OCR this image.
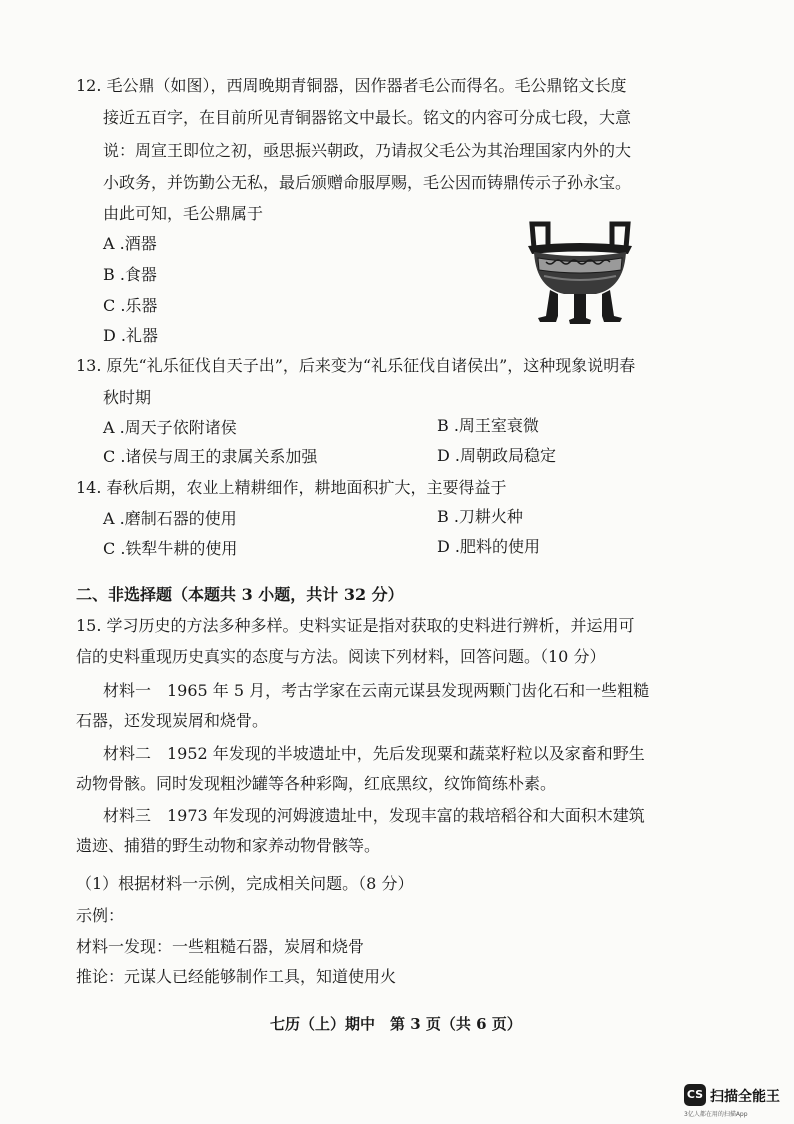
12. 毛公鼎（如图），西周晚期青铜器，因作器者毛公而得名。毛公鼎铭文长度
接近五百字，在目前所见青铜器铭文中最长。铭文的内容可分成七段，大意
说：周宣王即位之初，亟思振兴朝政，乃请叔父毛公为其治理国家内外的大
小政务，并饬勤公无私，最后颁赠命服厚赐，毛公因而铸鼎传示子孙永宝。
由此可知，毛公鼎属于
A .酒器
B .食器
C .乐器
D .礼器
13. 原先“礼乐征伐自天子出”，后来变为“礼乐征伐自诸侯出”，这种现象说明春
秋时期
A .周天子依附诸侯	B .周王室衰微
C .诸侯与周王的隶属关系加强	D .周朝政局稳定
14. 春秋后期，农业上精耕细作，耕地面积扩大，主要得益于
A .磨制石器的使用	B .刀耕火种
C .铁犁牛耕的使用	D .肥料的使用
二、非选择题（本题共 3 小题，共计 32 分）
15. 学习历史的方法多种多样。史料实证是指对获取的史料进行辨析，并运用可
信的史料重现历史真实的态度与方法。阅读下列材料，回答问题。（10 分）
材料一　1965 年 5 月，考古学家在云南元谋县发现两颗门齿化石和一些粗糙
石器，还发现炭屑和烧骨。
材料二　1952 年发现的半坡遗址中，先后发现粟和蔬菜籽粒以及家畜和野生
动物骨骸。同时发现粗沙罐等各种彩陶，红底黑纹，纹饰简练朴素。
材料三　1973 年发现的河姆渡遗址中，发现丰富的栽培稻谷和大面积木建筑
遗迹、捕猎的野生动物和家养动物骨骸等。
（1）根据材料一示例，完成相关问题。（8 分）
示例：
材料一发现：一些粗糙石器，炭屑和烧骨
推论：元谋人已经能够制作工具，知道使用火
七历（上）期中　第 3 页（共 6 页）
CS 扫描全能王
3亿人都在用的扫描App
